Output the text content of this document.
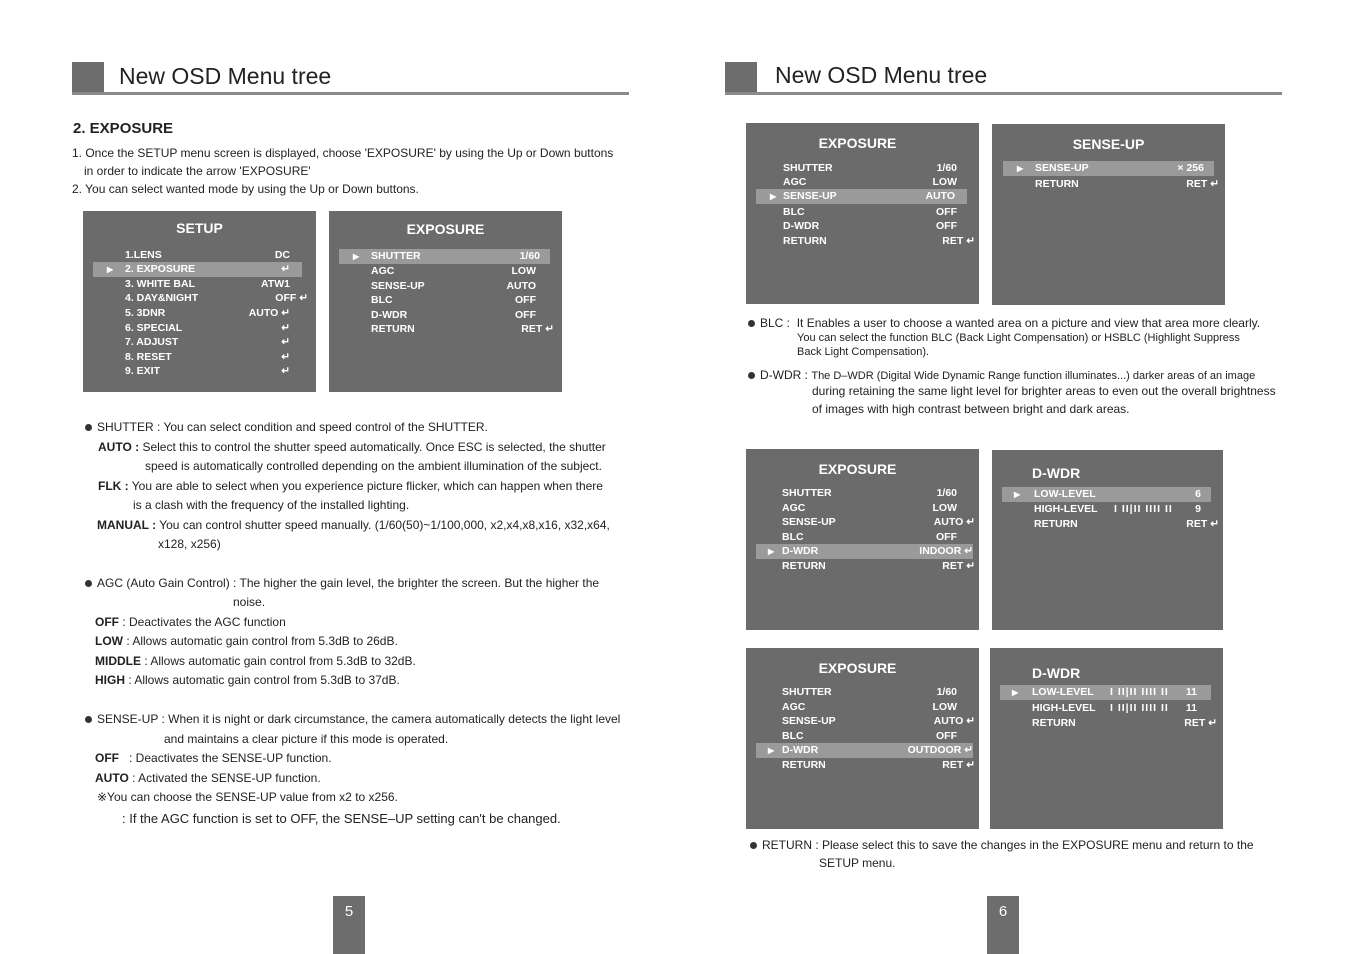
New OSD Menu tree
2. EXPOSURE
1. Once the SETUP menu screen is displayed, choose 'EXPOSURE' by using the Up or Down buttons
in order to indicate the arrow 'EXPOSURE'
2. You can select wanted mode by using the Up or Down buttons.
SETUP
1.LENS	DC
▶ 2. EXPOSURE	↵
3. WHITE BAL	ATW1
4. DAY&NIGHT	OFF ↵
5. 3DNR	AUTO ↵
6. SPECIAL	↵
7. ADJUST	↵
8. RESET	↵
9. EXIT	↵
EXPOSURE
▶ SHUTTER	1/60
AGC	LOW
SENSE-UP	AUTO
BLC	OFF
D-WDR	OFF
RETURN	RET ↵
SHUTTER : You can select condition and speed control of the SHUTTER.
AUTO : Select this to control the shutter speed automatically. Once ESC is selected, the shutter
speed is automatically controlled depending on the ambient illumination of the subject.
FLK : You are able to select when you experience picture flicker, which can happen when there
is a clash with the frequency of the installed lighting.
MANUAL : You can control shutter speed manually. (1/60(50)~1/100,000, x2,x4,x8,x16, x32,x64,
x128, x256)
AGC (Auto Gain Control) : The higher the gain level, the brighter the screen. But the higher the
noise.
OFF : Deactivates the AGC function
LOW : Allows automatic gain control from 5.3dB to 26dB.
MIDDLE : Allows automatic gain control from 5.3dB to 32dB.
HIGH : Allows automatic gain control from 5.3dB to 37dB.
SENSE-UP : When it is night or dark circumstance, the camera automatically detects the light level
and maintains a clear picture if this mode is operated.
OFF : Deactivates the SENSE-UP function.
AUTO : Activated the SENSE-UP function.
※You can choose the SENSE-UP value from x2 to x256.
: If the AGC function is set to OFF, the SENSE–UP setting can't be changed.
5
New OSD Menu tree
EXPOSURE
SHUTTER	1/60
AGC	LOW
▶ SENSE-UP	AUTO
BLC	OFF
D-WDR	OFF
RETURN	RET ↵
SENSE-UP
▶ SENSE-UP	× 256
RETURN	RET ↵
BLC : It Enables a user to choose a wanted area on a picture and view that area more clearly.
You can select the function BLC (Back Light Compensation) or HSBLC (Highlight Suppress
Back Light Compensation).
D-WDR : The D–WDR (Digital Wide Dynamic Range function illuminates...) darker areas of an image
during retaining the same light level for brighter areas to even out the overall brightness
of images with high contrast between bright and dark areas.
EXPOSURE
SHUTTER	1/60
AGC	LOW
SENSE-UP	AUTO ↵
BLC	OFF
▶ D-WDR	INDOOR ↵
RETURN	RET ↵
D-WDR
▶ LOW-LEVEL	6
HIGH-LEVEL I II|II IIII II 9
RETURN	RET ↵
EXPOSURE
SHUTTER	1/60
AGC	LOW
SENSE-UP	AUTO ↵
BLC	OFF
▶ D-WDR	OUTDOOR ↵
RETURN	RET ↵
D-WDR
▶ LOW-LEVEL I II|II IIII II 11
HIGH-LEVEL I II|II IIII II 11
RETURN	RET ↵
RETURN : Please select this to save the changes in the EXPOSURE menu and return to the
SETUP menu.
6
